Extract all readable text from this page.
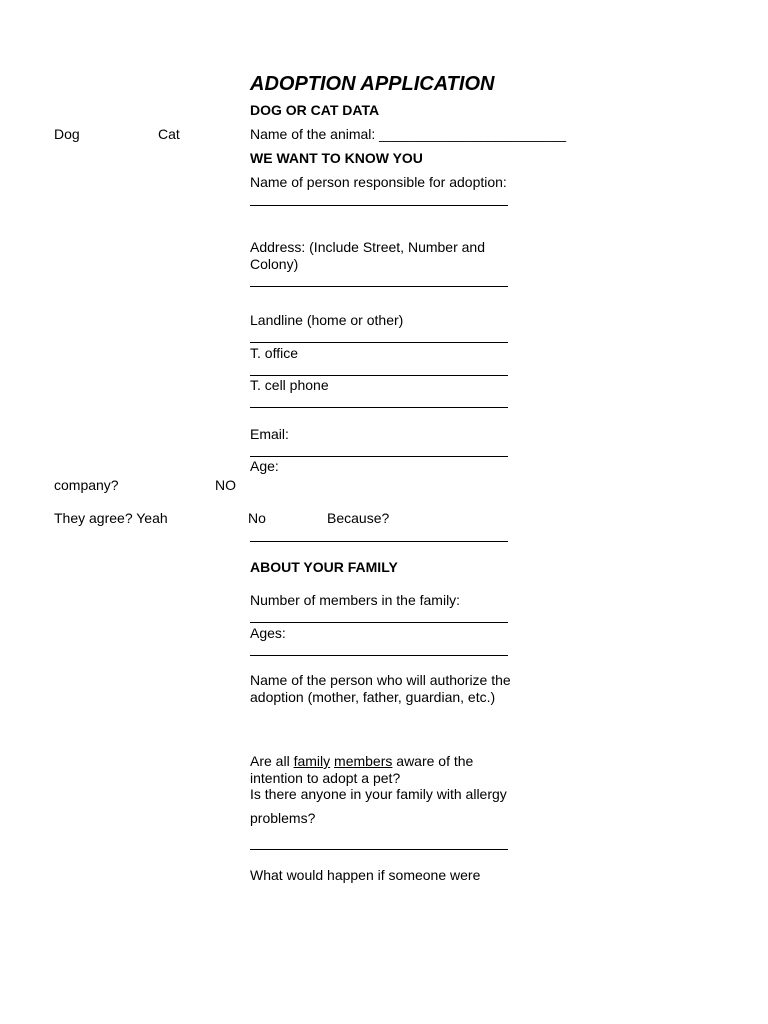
ADOPTION APPLICATION
DOG OR CAT DATA
Dog	Cat	Name of the animal: ________________________
WE WANT TO KNOW YOU
Name of person responsible for adoption:
Address: (Include Street, Number and
Colony)
Landline (home or other)
T. office
T. cell phone
Email:
Age:
company?	NO
They agree? Yeah	No	Because?
ABOUT YOUR FAMILY
Number of members in the family:
Ages:
Name of the person who will authorize the
adoption (mother, father, guardian, etc.)
Are all family members aware of the
intention to adopt a pet?
Is there anyone in your family with allergy
problems?
What would happen if someone were
